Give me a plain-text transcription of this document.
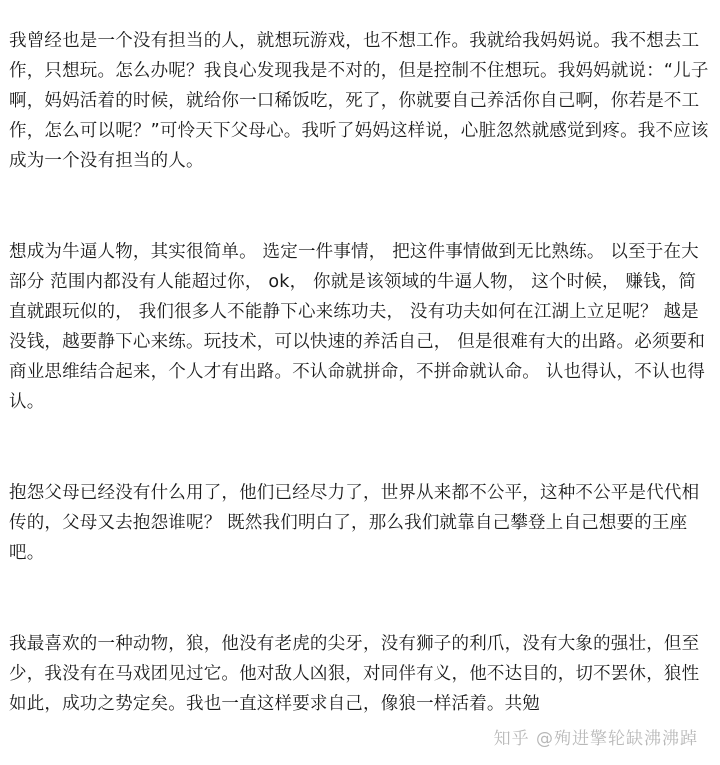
我曾经也是一个没有担当的人，就想玩游戏，也不想工作。我就给我妈妈说。我不想去工作，只想玩。怎么办呢？我良心发现我是不对的，但是控制不住想玩。我妈妈就说：“儿子啊，妈妈活着的时候，就给你一口稀饭吃，死了，你就要自己养活你自己啊，你若是不工作，怎么可以呢？”可怜天下父母心。我听了妈妈这样说，心脏忽然就感觉到疼。我不应该成为一个没有担当的人。

想成为牛逼人物，其实很简单。 选定一件事情， 把这件事情做到无比熟练。 以至于在大部分 范围内都没有人能超过你， ok， 你就是该领域的牛逼人物， 这个时候， 赚钱，简直就跟玩似的， 我们很多人不能静下心来练功夫， 没有功夫如何在江湖上立足呢？ 越是没钱，越要静下心来练。玩技术，可以快速的养活自己， 但是很难有大的出路。必须要和商业思维结合起来，个人才有出路。不认命就拼命，不拼命就认命。 认也得认，不认也得认。

抱怨父母已经没有什么用了，他们已经尽力了，世界从来都不公平，这种不公平是代代相传的，父母又去抱怨谁呢？ 既然我们明白了，那么我们就靠自己攀登上自己想要的王座吧。

我最喜欢的一种动物，狼，他没有老虎的尖牙，没有狮子的利爪，没有大象的强壮，但至少，我没有在马戏团见过它。他对敌人凶狠，对同伴有义，他不达目的，切不罢休，狼性如此，成功之势定矣。我也一直这样要求自己，像狼一样活着。共勉

知乎 @殉进擎轮缺沸沸踔
